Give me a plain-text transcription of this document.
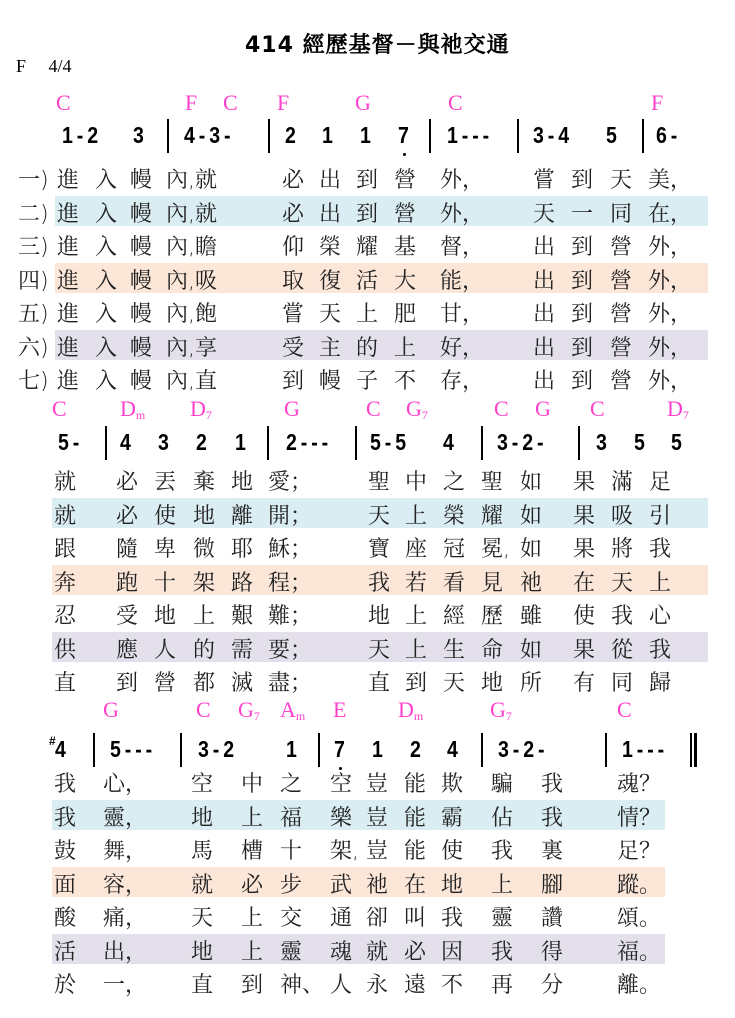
414 經歷基督－與祂交通
F 4/4
C	F C F	G	C	F
1 - 2 3 4 - 3 - 2 1 1 7 1 - - - 3 - 4 5 6 -
一) 進 入 幔 內,就	必 出 到 營 外， 嘗 到 天 美，
二) 進 入 幔 內,就	必 出 到 營 外， 天 一 同 在，
三) 進 入 幔 內,瞻	仰 榮 耀 基 督， 出 到 營 外，
四) 進 入 幔 內,吸	取 復 活 大 能， 出 到 營 外，
五) 進 入 幔 內,飽	嘗 天 上 肥 甘， 出 到 營 外，
六) 進 入 幔 內,享	受 主 的 上 好， 出 到 營 外，
七) 進 入 幔 內,直	到 幔 子 不 存， 出 到 營 外，
C $D_m$ $D_7$	G	C $G_7$	C G C	$D_7$
5 - 4 3 2 1 2 - - - 5 - 5 4 3 - 2 - 3 5 5
就 必 丟 棄 地 愛；	聖 中 之 聖 如 果 滿 足
就 必 使 地 離 開；	天 上 榮 耀 如 果 吸 引
跟 隨 卑 微 耶 穌；	寶 座 冠 冕, 如 果 將 我
奔 跑 十 架 路 程；	我 若 看 見 祂 在 天 上
忍 受 地 上 艱 難；	地 上 經 歷 雖 使 我 心
供 應 人 的 需 要；	天 上 生 命 如 果 從 我
直 到 營 都 滅 盡；	直 到 天 地 所 有 同 歸
G	C $G_7$ $A_m$ E $D_m$	$G_7$	C
4
# 5 - - - 3 - 2 1 7 1 2 4 3 - 2 -	1 - - -
我 心， 空 中 之 空 豈 能 欺 騙 我 魂？
我 靈， 地 上 福 樂 豈 能 霸 佔 我 情？
鼓 舞， 馬 槽 十 架, 豈 能 使 我 裏 足？
面 容， 就 必 步 武 祂 在 地 上 腳 蹤。
酸 痛， 天 上 交 通 卻 叫 我 靈 讚 頌。
活 出， 地 上 靈 魂 就 必 因 我 得 福。
於 一， 直 到 神、 人 永 遠 不 再 分 離。
